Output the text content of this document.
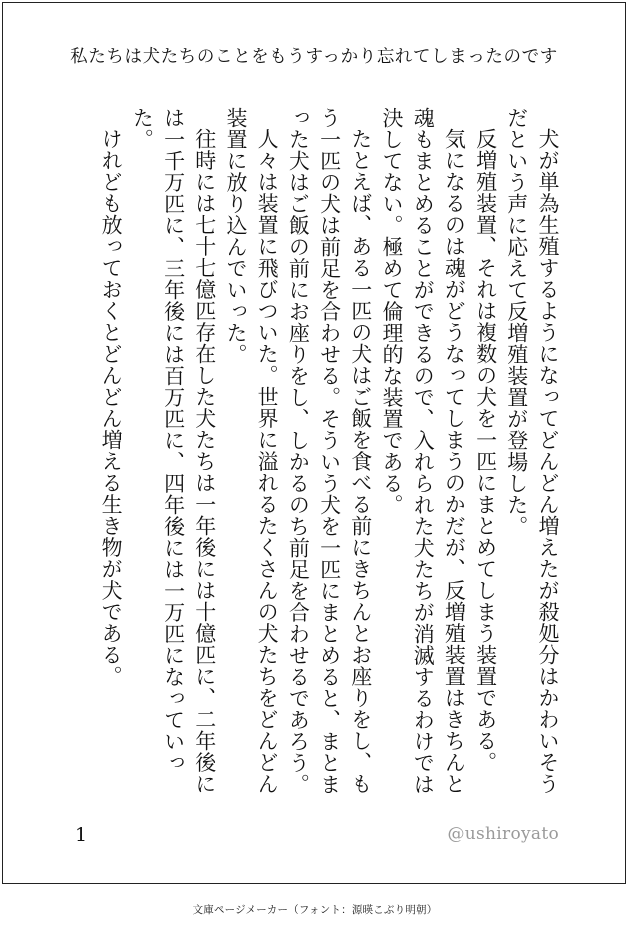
私たちは犬たちのことをもうすっかり忘れてしまったのです

犬が単為生殖するようになってどんどん増えたが殺処分はかわいそうだという声に応えて反増殖装置が登場した。

反増殖装置、それは複数の犬を一匹にまとめてしまう装置である。

気になるのは魂がどうなってしまうのかだが、反増殖装置はきちんと魂もまとめることができるので、入れられた犬たちが消滅するわけでは決してない。極めて倫理的な装置である。

たとえば、ある一匹の犬はご飯を食べる前にきちんとお座りをし、もう一匹の犬は前足を合わせる。そういう犬を一匹にまとめると、まとまった犬はご飯の前にお座りをし、しかるのち前足を合わせるであろう。

人々は装置に飛びついた。世界に溢れるたくさんの犬たちをどんどん装置に放り込んでいった。

往時には七十七億匹存在した犬たちは一年後には十億匹に、二年後には一千万匹に、三年後には百万匹に、四年後には一万匹になっていった。

けれども放っておくとどんどん増える生き物が犬である。

1	@ushiroyato
文庫ページメーカー（フォント：源暎こぶり明朝）
